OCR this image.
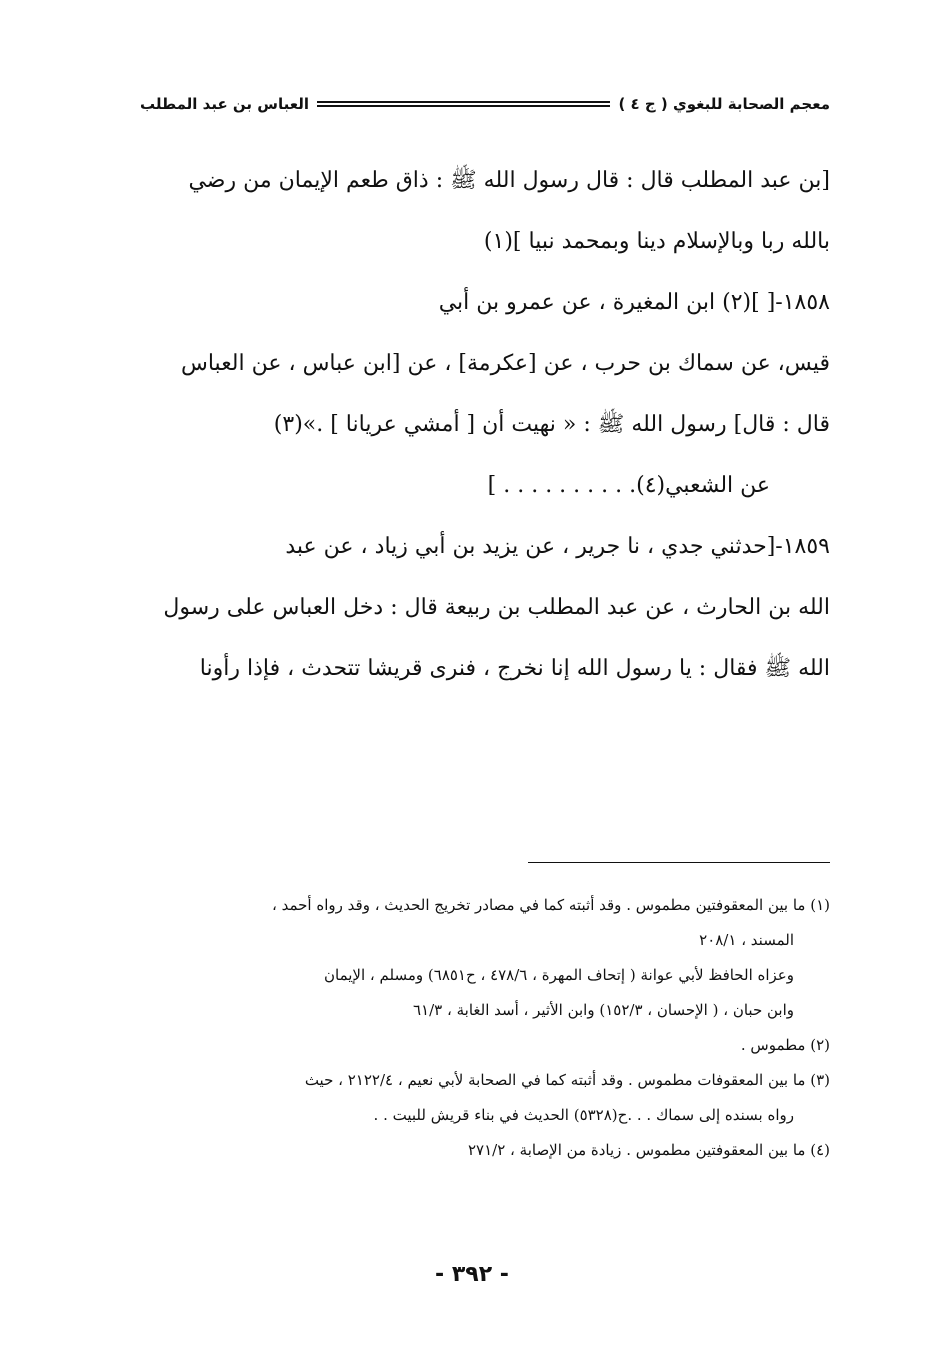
معجم الصحابة للبغوي ( ج ٤ )
العباس بن عبد المطلب
[بن عبد المطلب قال : قال رسول الله ﷺ : ذاق طعم الإيمان من رضي
بالله ربا وبالإسلام دينا وبمحمد نبيا ](١)
١٨٥٨-[ ](٢) ابن المغيرة ، عن عمرو بن أبي
قيس، عن سماك بن حرب ، عن [عكرمة] ، عن [ابن عباس ، عن العباس
قال : قال] رسول الله ﷺ : « نهيت أن [ أمشي عريانا ] .»(٣)
عن الشعبي(٤). . . . . . . . . . ]
١٨٥٩-[حدثني جدي ، نا جرير ، عن يزيد بن أبي زياد ، عن عبد
الله بن الحارث ، عن عبد المطلب بن ربيعة قال : دخل العباس على رسول
الله ﷺ فقال : يا رسول الله إنا نخرج ، فنرى قريشا تتحدث ، فإذا رأونا
(١) ما بين المعقوفتين مطموس . وقد أثبته كما في مصادر تخريج الحديث ، وقد رواه أحمد ،
المسند ، ٢٠٨/١
وعزاه الحافظ لأبي عوانة ( إتحاف المهرة ، ٤٧٨/٦ ، ح٦٨٥١) ومسلم ، الإيمان
وابن حبان ، ( الإحسان ، ١٥٢/٣) وابن الأثير ، أسد الغابة ، ٦١/٣
(٢) مطموس .
(٣) ما بين المعقوفات مطموس . وقد أثبته كما في الصحابة لأبي نعيم ، ٢١٢٢/٤ ، حيث
رواه بسنده إلى سماك . . .ح(٥٣٢٨) الحديث في بناء قريش للبيت . .
(٤) ما بين المعقوفتين مطموس . زيادة من الإصابة ، ٢٧١/٢
- ٣٩٢ -
